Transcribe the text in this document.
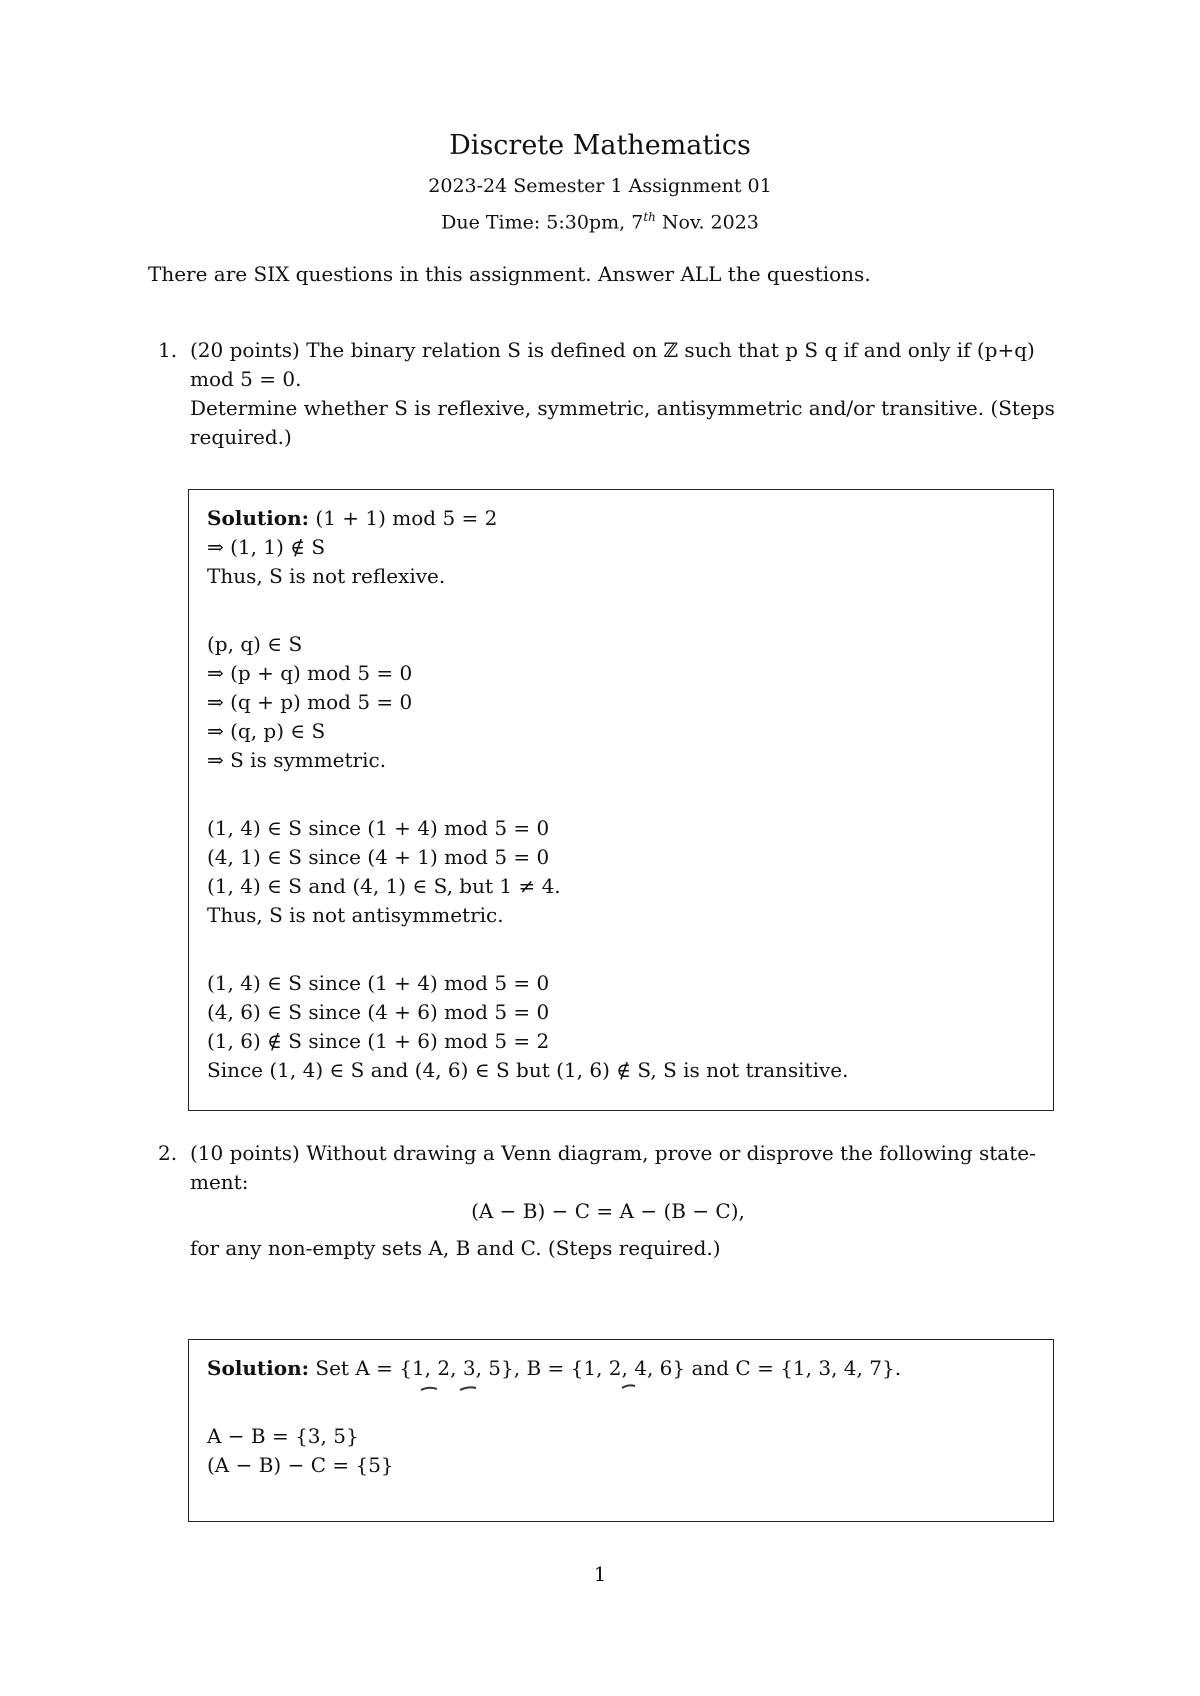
Discrete Mathematics
2023-24 Semester 1 Assignment 01
Due Time: 5:30pm, 7th Nov. 2023
There are SIX questions in this assignment. Answer ALL the questions.
1. (20 points) The binary relation S is defined on ℤ such that p S q if and only if (p+q)
mod 5 = 0.
Determine whether S is reflexive, symmetric, antisymmetric and/or transitive. (Steps
required.)
Solution: (1 + 1) mod 5 = 2
⇒ (1, 1) ∉ S
Thus, S is not reflexive.
(p, q) ∈ S
⇒ (p + q) mod 5 = 0
⇒ (q + p) mod 5 = 0
⇒ (q, p) ∈ S
⇒ S is symmetric.
(1, 4) ∈ S since (1 + 4) mod 5 = 0
(4, 1) ∈ S since (4 + 1) mod 5 = 0
(1, 4) ∈ S and (4, 1) ∈ S, but 1 ≠ 4.
Thus, S is not antisymmetric.
(1, 4) ∈ S since (1 + 4) mod 5 = 0
(4, 6) ∈ S since (4 + 6) mod 5 = 0
(1, 6) ∉ S since (1 + 6) mod 5 = 2
Since (1, 4) ∈ S and (4, 6) ∈ S but (1, 6) ∉ S, S is not transitive.
2. (10 points) Without drawing a Venn diagram, prove or disprove the following state-
ment:
(A − B) − C = A − (B − C),
for any non-empty sets A, B and C. (Steps required.)
Solution: Set A = {1, 2, 3, 5}, B = {1, 2, 4, 6} and C = {1, 3, 4, 7}.
A − B = {3, 5}
(A − B) − C = {5}
1
